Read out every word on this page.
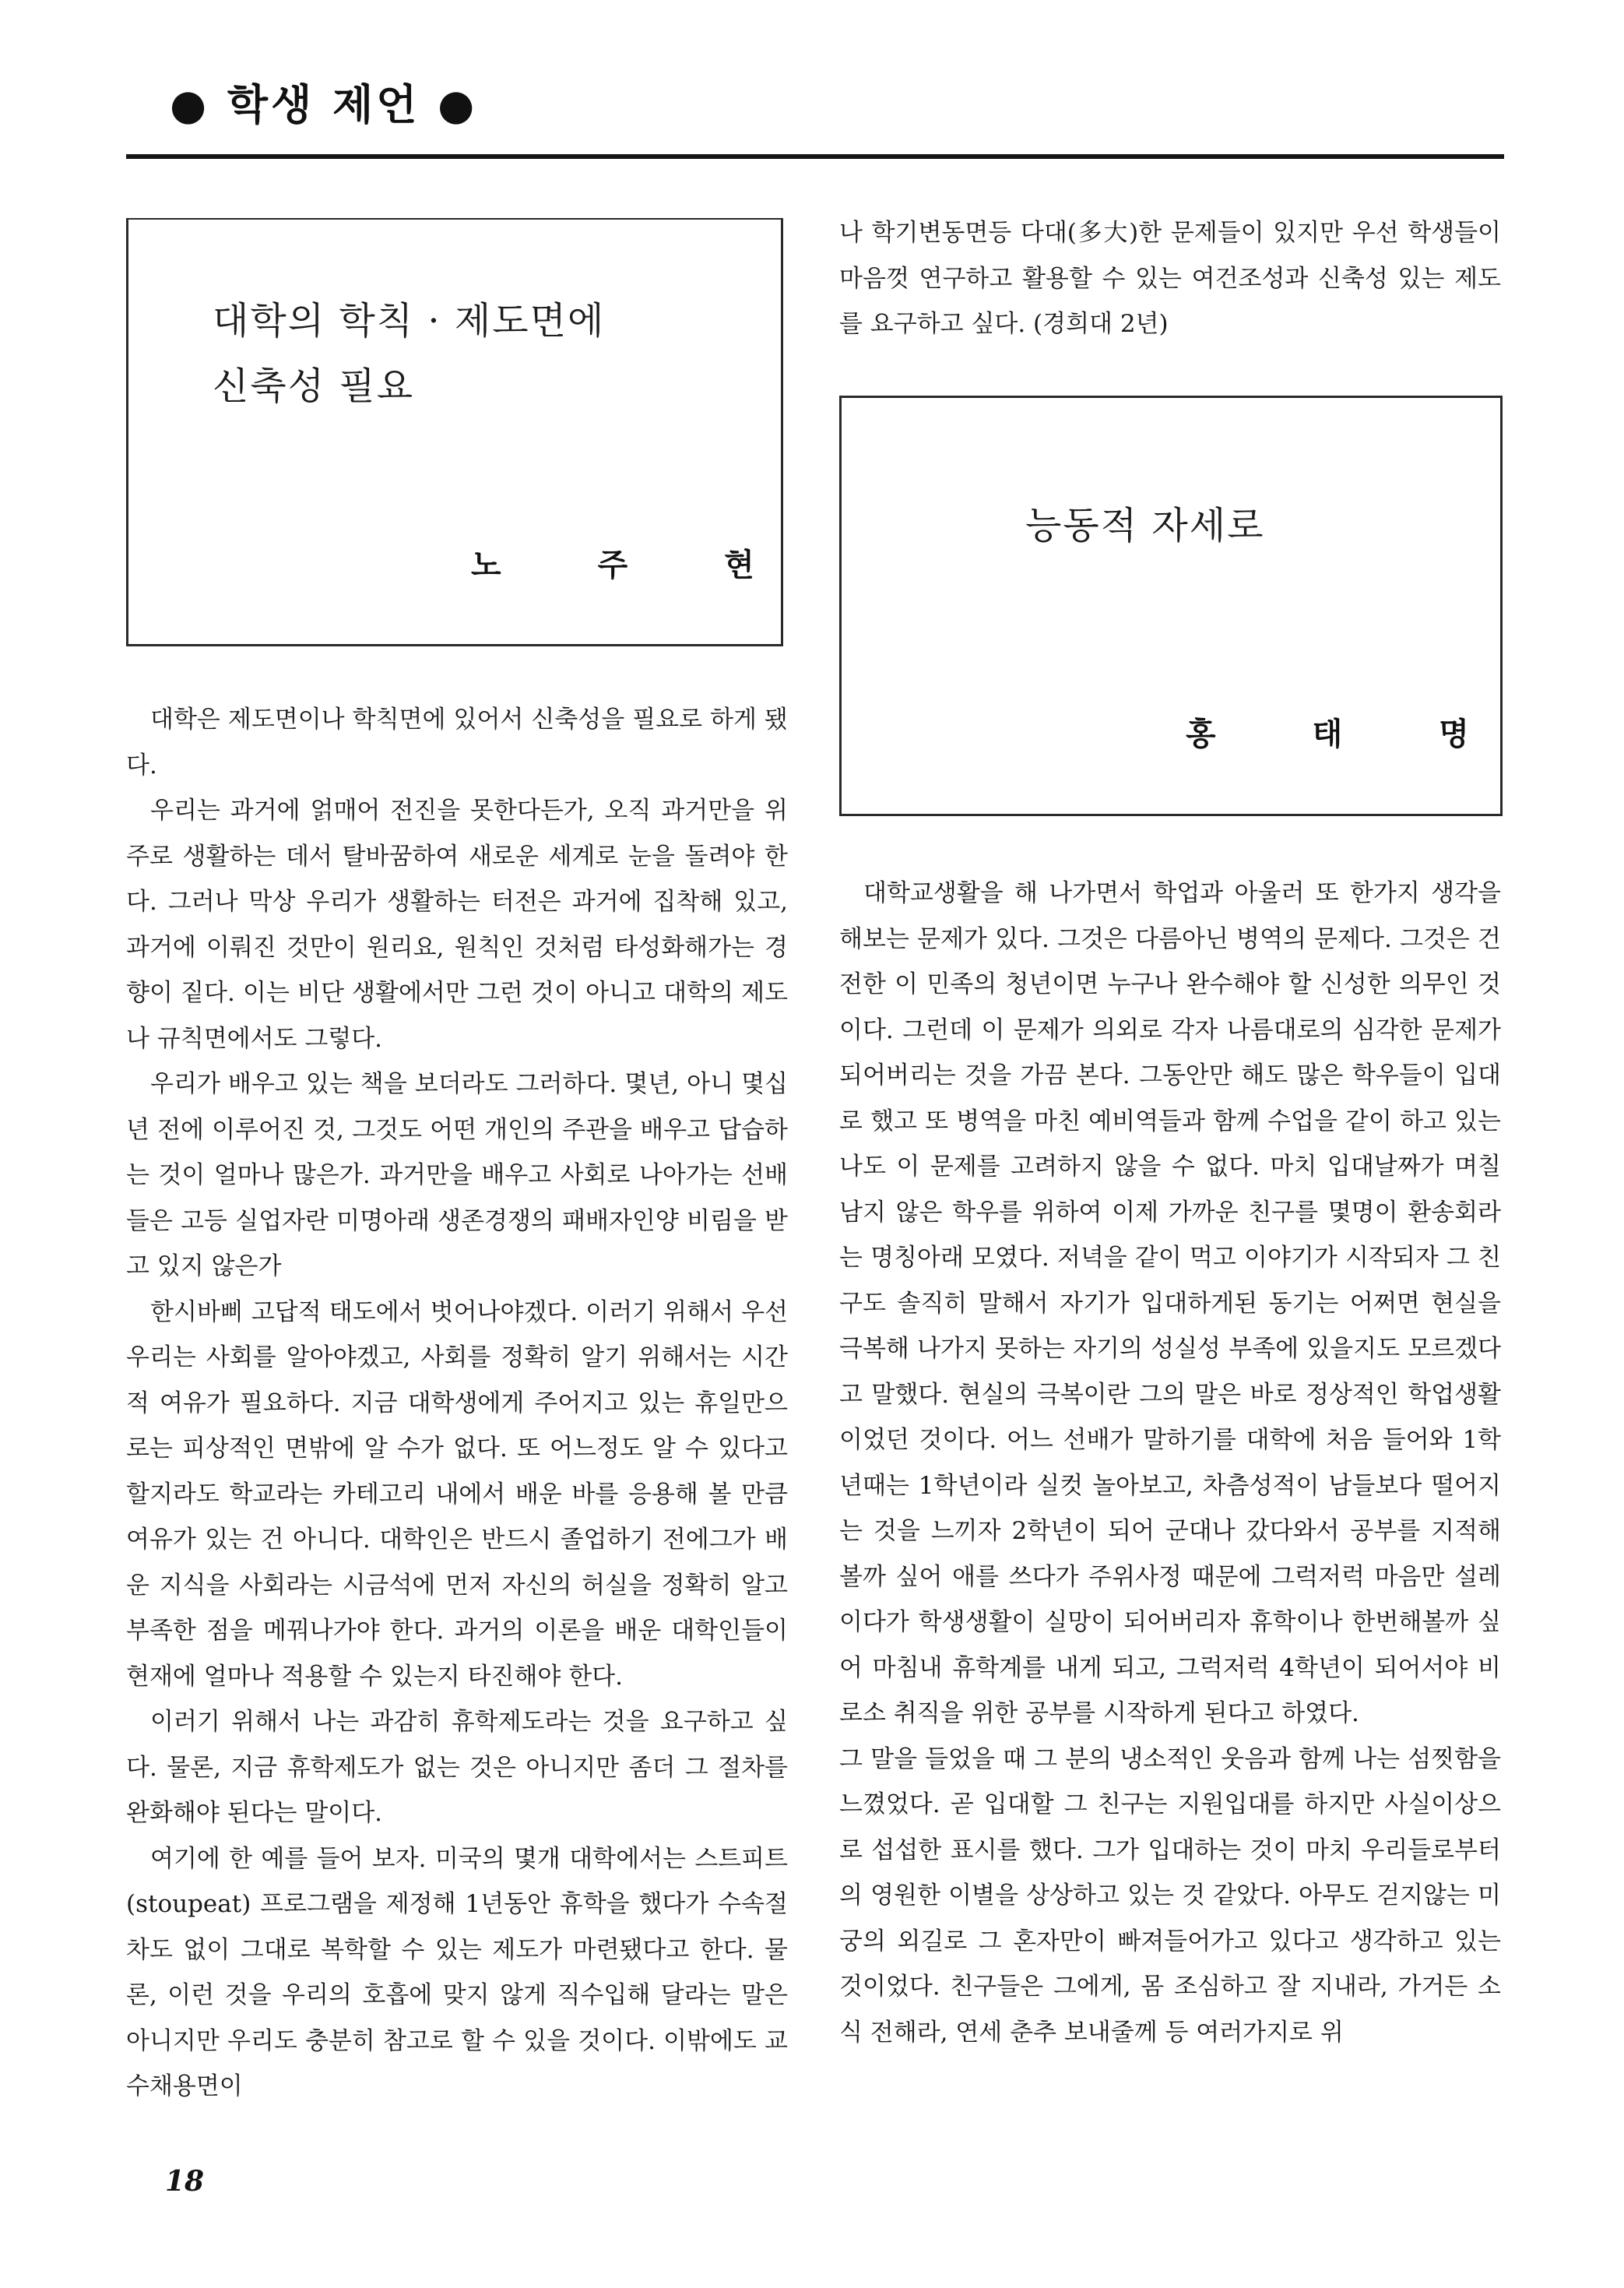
● 학생 제언 ●
대학의 학칙 · 제도면에
신축성 필요
노 주 현

대학은 제도면이나 학칙면에 있어서 신축성을 필요로 하게 됐다.

우리는 과거에 얽매어 전진을 못한다든가, 오직 과거만을 위주로 생활하는 데서 탈바꿈하여 새로운 세계로 눈을 돌려야 한다. 그러나 막상 우리가 생활하는 터전은 과거에 집착해 있고, 과거에 이뤄진 것만이 원리요, 원칙인 것처럼 타성화해가는 경향이 짙다. 이는 비단 생활에서만 그런 것이 아니고 대학의 제도나 규칙면에서도 그렇다.

우리가 배우고 있는 책을 보더라도 그러하다. 몇년, 아니 몇십년 전에 이루어진 것, 그것도 어떤 개인의 주관을 배우고 답습하는 것이 얼마나 많은가. 과거만을 배우고 사회로 나아가는 선배들은 고등 실업자란 미명아래 생존경쟁의 패배자인양 비림을 받고 있지 않은가

한시바삐 고답적 태도에서 벗어나야겠다. 이러기 위해서 우선 우리는 사회를 알아야겠고, 사회를 정확히 알기 위해서는 시간적 여유가 필요하다. 지금 대학생에게 주어지고 있는 휴일만으로는 피상적인 면밖에 알 수가 없다. 또 어느정도 알 수 있다고 할지라도 학교라는 카테고리 내에서 배운 바를 응용해 볼 만큼 여유가 있는 건 아니다. 대학인은 반드시 졸업하기 전에그가 배운 지식을 사회라는 시금석에 먼저 자신의 허실을 정확히 알고 부족한 점을 메꿔나가야 한다. 과거의 이론을 배운 대학인들이 현재에 얼마나 적용할 수 있는지 타진해야 한다.

이러기 위해서 나는 과감히 휴학제도라는 것을 요구하고 싶다. 물론, 지금 휴학제도가 없는 것은 아니지만 좀더 그 절차를 완화해야 된다는 말이다.

여기에 한 예를 들어 보자. 미국의 몇개 대학에서는 스트피트(stoupeat) 프로그램을 제정해 1년동안 휴학을 했다가 수속절차도 없이 그대로 복학할 수 있는 제도가 마련됐다고 한다. 물론, 이런 것을 우리의 호흡에 맞지 않게 직수입해 달라는 말은 아니지만 우리도 충분히 참고로 할 수 있을 것이다. 이밖에도 교수채용면이

나 학기변동면등 다대(多大)한 문제들이 있지만 우선 학생들이 마음껏 연구하고 활용할 수 있는 여건조성과 신축성 있는 제도를 요구하고 싶다. (경희대 2년)

능동적 자세로
홍 태 명

대학교생활을 해 나가면서 학업과 아울러 또 한가지 생각을 해보는 문제가 있다. 그것은 다름아닌 병역의 문제다. 그것은 건전한 이 민족의 청년이면 누구나 완수해야 할 신성한 의무인 것이다. 그런데 이 문제가 의외로 각자 나름대로의 심각한 문제가 되어버리는 것을 가끔 본다. 그동안만 해도 많은 학우들이 입대로 했고 또 병역을 마친 예비역들과 함께 수업을 같이 하고 있는 나도 이 문제를 고려하지 않을 수 없다. 마치 입대날짜가 며칠 남지 않은 학우를 위하여 이제 가까운 친구를 몇명이 환송회라는 명칭아래 모였다. 저녁을 같이 먹고 이야기가 시작되자 그 친구도 솔직히 말해서 자기가 입대하게된 동기는 어쩌면 현실을 극복해 나가지 못하는 자기의 성실성 부족에 있을지도 모르겠다고 말했다. 현실의 극복이란 그의 말은 바로 정상적인 학업생활이었던 것이다. 어느 선배가 말하기를 대학에 처음 들어와 1학년때는 1학년이라 실컷 놀아보고, 차츰성적이 남들보다 떨어지는 것을 느끼자 2학년이 되어 군대나 갔다와서 공부를 지적해 볼까 싶어 애를 쓰다가 주위사정 때문에 그럭저럭 마음만 설레이다가 학생생활이 실망이 되어버리자 휴학이나 한번해볼까 싶어 마침내 휴학계를 내게 되고, 그럭저럭 4학년이 되어서야 비로소 취직을 위한 공부를 시작하게 된다고 하였다.

그 말을 들었을 때 그 분의 냉소적인 웃음과 함께 나는 섬찟함을 느꼈었다. 곧 입대할 그 친구는 지원입대를 하지만 사실이상으로 섭섭한 표시를 했다. 그가 입대하는 것이 마치 우리들로부터의 영원한 이별을 상상하고 있는 것 같았다. 아무도 걷지않는 미궁의 외길로 그 혼자만이 빠져들어가고 있다고 생각하고 있는 것이었다. 친구들은 그에게, 몸 조심하고 잘 지내라, 가거든 소식 전해라, 연세 춘추 보내줄께 등 여러가지로 위

18
